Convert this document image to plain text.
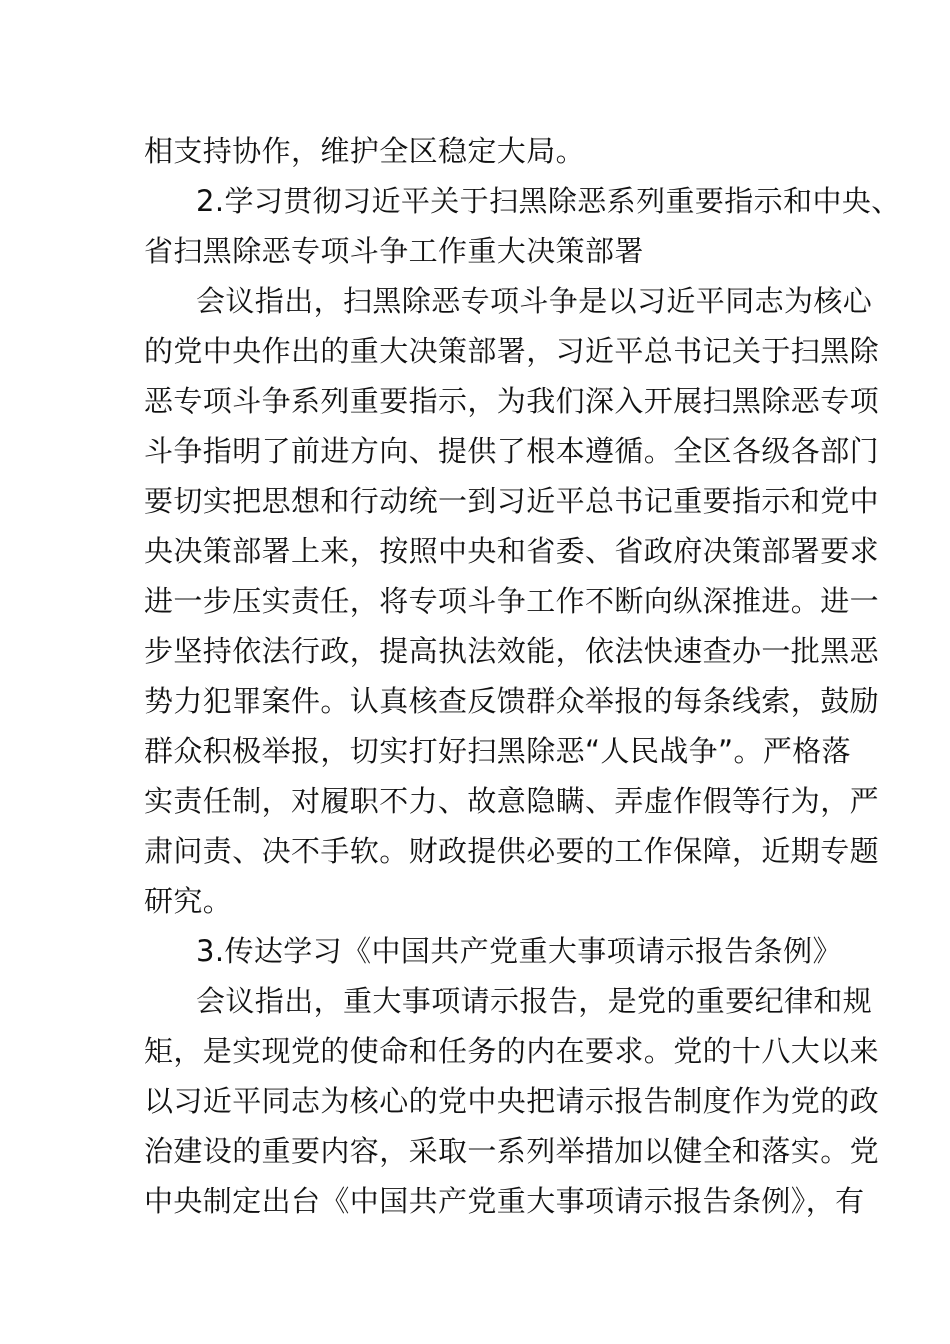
相支持协作，维护全区稳定大局。
2.学习贯彻习近平关于扫黑除恶系列重要指示和中央、
省扫黑除恶专项斗争工作重大决策部署
会议指出，扫黑除恶专项斗争是以习近平同志为核心
的党中央作出的重大决策部署，习近平总书记关于扫黑除
恶专项斗争系列重要指示，为我们深入开展扫黑除恶专项
斗争指明了前进方向、提供了根本遵循。全区各级各部门
要切实把思想和行动统一到习近平总书记重要指示和党中
央决策部署上来，按照中央和省委、省政府决策部署要求
进一步压实责任，将专项斗争工作不断向纵深推进。进一
步坚持依法行政，提高执法效能，依法快速查办一批黑恶
势力犯罪案件。认真核查反馈群众举报的每条线索，鼓励
群众积极举报，切实打好扫黑除恶“人民战争”。严格落
实责任制，对履职不力、故意隐瞒、弄虚作假等行为，严
肃问责、决不手软。财政提供必要的工作保障，近期专题
研究。
3.传达学习《中国共产党重大事项请示报告条例》
会议指出，重大事项请示报告，是党的重要纪律和规
矩，是实现党的使命和任务的内在要求。党的十八大以来
以习近平同志为核心的党中央把请示报告制度作为党的政
治建设的重要内容，采取一系列举措加以健全和落实。党
中央制定出台《中国共产党重大事项请示报告条例》，有
